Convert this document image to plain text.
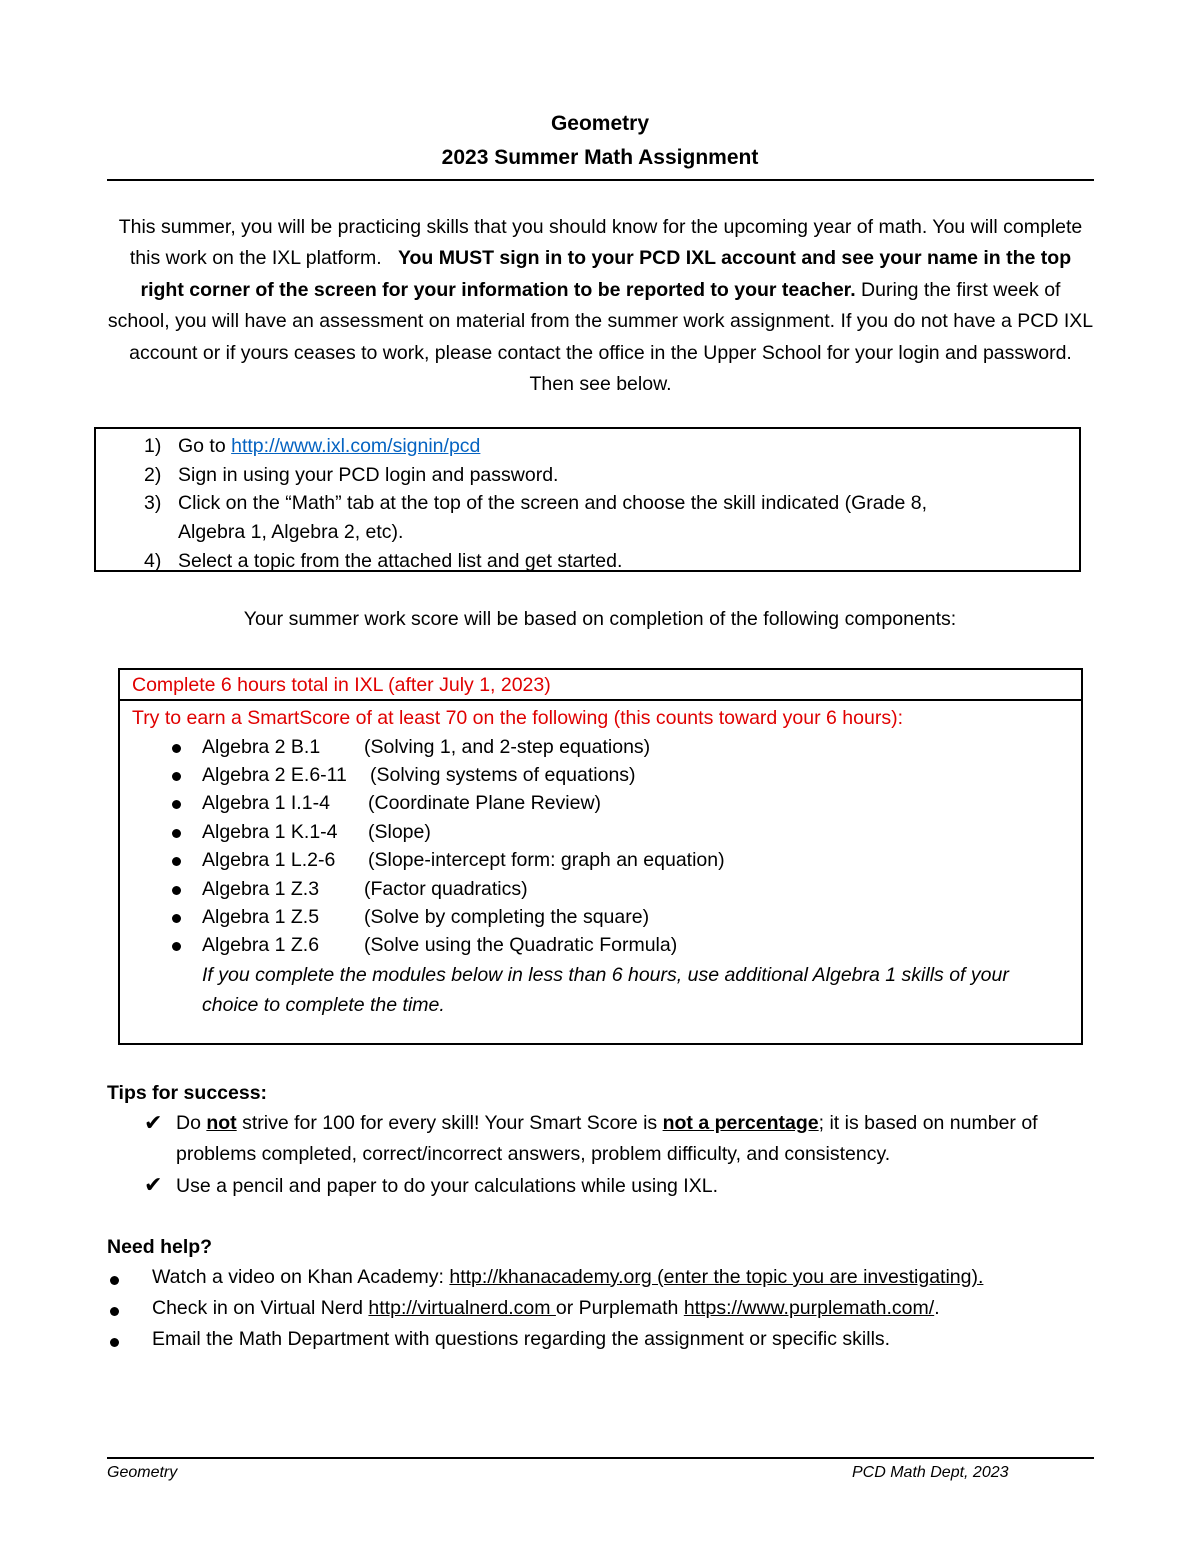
Geometry
2023 Summer Math Assignment
This summer, you will be practicing skills that you should know for the upcoming year of math. You will complete this work on the IXL platform. You MUST sign in to your PCD IXL account and see your name in the top right corner of the screen for your information to be reported to your teacher. During the first week of school, you will have an assessment on material from the summer work assignment. If you do not have a PCD IXL account or if yours ceases to work, please contact the office in the Upper School for your login and password. Then see below.
1) Go to http://www.ixl.com/signin/pcd
2) Sign in using your PCD login and password.
3) Click on the “Math” tab at the top of the screen and choose the skill indicated (Grade 8,
Algebra 1, Algebra 2, etc).
4) Select a topic from the attached list and get started.
Your summer work score will be based on completion of the following components:
Complete 6 hours total in IXL (after July 1, 2023)
Try to earn a SmartScore of at least 70 on the following (this counts toward your 6 hours):
Algebra 2 B.1 (Solving 1, and 2-step equations)
Algebra 2 E.6-11 (Solving systems of equations)
Algebra 1 I.1-4 (Coordinate Plane Review)
Algebra 1 K.1-4 (Slope)
Algebra 1 L.2-6 (Slope-intercept form: graph an equation)
Algebra 1 Z.3 (Factor quadratics)
Algebra 1 Z.5 (Solve by completing the square)
Algebra 1 Z.6 (Solve using the Quadratic Formula)
If you complete the modules below in less than 6 hours, use additional Algebra 1 skills of your choice to complete the time.
Tips for success:
✔ Do not strive for 100 for every skill! Your Smart Score is not a percentage; it is based on number of problems completed, correct/incorrect answers, problem difficulty, and consistency.
✔ Use a pencil and paper to do your calculations while using IXL.
Need help?
Watch a video on Khan Academy: http://khanacademy.org (enter the topic you are investigating).
Check in on Virtual Nerd http://virtualnerd.com or Purplemath https://www.purplemath.com/.
Email the Math Department with questions regarding the assignment or specific skills.
Geometry	PCD Math Dept, 2023
